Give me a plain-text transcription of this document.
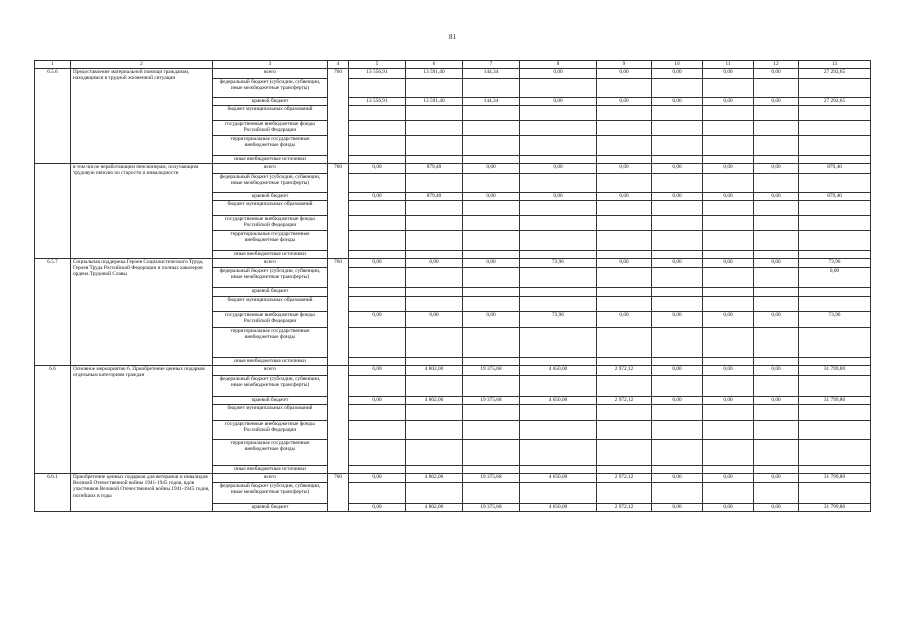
81
1	2	3	4	5	6	7	8	9	10	11	12	13
6.5.6	Предоставление материальной помощи гражданам, находящимся в трудной жизненной ситуации	всего	760	13 556,91	13 591,40	144,34	0,00	0,00	0,00	0,00	0,00	27 292,65
		федеральный бюджет (субсидии, субвенции, иные межбюджетные трансферты)										
		краевой бюджет		13 556,91	13 591,40	144,34	0,00	0,00	0,00	0,00	0,00	27 292,65
		бюджет муниципальных образований										
		государственные внебюджетные фонды Российской Федерации										
		территориальные государственные внебюджетные фонды										
		иные внебюджетные источники										
	в том числе неработающим пенсионерам, получающим трудовую пенсию по старости и инвалидности	всего	760	0,00	879,40	0,00	0,00	0,00	0,00	0,00	0,00	879,40
		федеральный бюджет (субсидии, субвенции, иные межбюджетные трансферты)										
		краевой бюджет		0,00	879,40	0,00	0,00	0,00	0,00	0,00	0,00	879,40
		бюджет муниципальных образований										
		государственные внебюджетные фонды Российской Федерации										
		территориальные государственные внебюджетные фонды										
		иные внебюджетные источники										
6.5.7	Социальная поддержка Героев Социалистического Труда, Героев Труда Российской Федерации и полных кавалеров ордена Трудовой Славы	всего	760	0,00	0,00	0,00	73,96	0,00	0,00	0,00	0,00	73,96
		федеральный бюджет (субсидии, субвенции, иные межбюджетные трансферты)										0,00
		краевой бюджет										
		бюджет муниципальных образований										
		государственные внебюджетные фонды Российской Федерации		0,00	0,00	0,00	73,96	0,00	0,00	0,00	0,00	73,96
		территориальные государственные внебюджетные фонды										
		иные внебюджетные источники										
6.6	Основное мероприятие 6. Приобретение ценных подарков отдельным категориям граждан	всего		0,00	4 802,00	19 375,68	4 650,00	2 972,12	0,00	0,00	0,00	31 799,80
		федеральный бюджет (субсидии, субвенции, иные межбюджетные трансферты)										
		краевой бюджет		0,00	4 802,00	19 375,68	4 650,00	2 972,12	0,00	0,00	0,00	31 799,80
		бюджет муниципальных образований										
		государственные внебюджетные фонды Российской Федерации										
		территориальные государственные внебюджетные фонды										
		иные внебюджетные источники										
6.6.1	Приобретение ценных подарков для ветеранов и инвалидов Великой Отечественной войны 1941-1945 годов, вдов участников Великой Отечественной войны 1941-1945 годов, погибших в годы	всего	760	0,00	4 802,00	19 375,68	4 650,00	2 972,12	0,00	0,00	0,00	31 799,80
		федеральный бюджет (субсидии, субвенции, иные межбюджетные трансферты)										
		краевой бюджет		0,00	4 802,00	19 375,68	4 650,00	2 972,12	0,00	0,00	0,00	31 799,80
